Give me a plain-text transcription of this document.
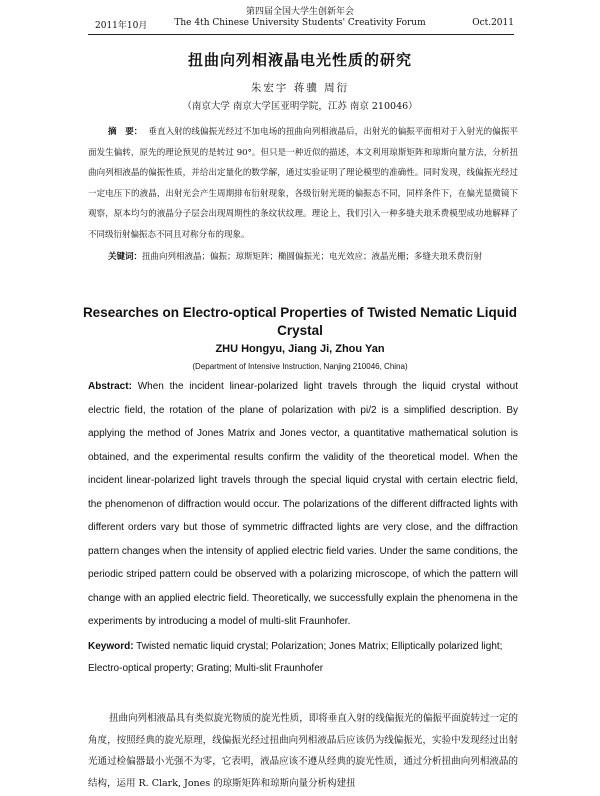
第四届全国大学生创新年会
2011年10月	The 4th Chinese University Students' Creativity Forum	Oct.2011
扭曲向列相液晶电光性质的研究
朱宏宇 蒋骥 周衍
（南京大学 南京大学匡亚明学院，江苏 南京 210046）
摘　要： 垂直入射的线偏振光经过不加电场的扭曲向列相液晶后，出射光的偏振平面相对于入射光的偏振平面发生偏转，原先的理论预见的是转过 90°。但只是一种近似的描述，本文利用琼斯矩阵和琼斯向量方法，分析扭曲向列相液晶的偏振性质，并给出定量化的数学解，通过实验证明了理论模型的准确性。同时发现，线偏振光经过一定电压下的液晶，出射光会产生周期排布衍射现象，各级衍射光斑的偏振态不同，同样条件下，在偏光显微镜下观察，原本均匀的液晶分子层会出现周期性的条纹状纹理。理论上，我们引入一种多缝夫琅禾费模型成功地解释了不同级衍射偏振态不同且对称分布的现象。
关键词：扭曲向列相液晶；偏振；琼斯矩阵；椭圆偏振光；电光效应；液晶光栅；多缝夫琅禾费衍射
Researches on Electro-optical Properties of Twisted Nematic Liquid Crystal
ZHU Hongyu, Jiang Ji, Zhou Yan
(Department of Intensive Instruction, Nanjing 210046, China)
Abstract: When the incident linear-polarized light travels through the liquid crystal without electric field, the rotation of the plane of polarization with pi/2 is a simplified description. By applying the method of Jones Matrix and Jones vector, a quantitative mathematical solution is obtained, and the experimental results confirm the validity of the theoretical model. When the incident linear-polarized light travels through the special liquid crystal with certain electric field, the phenomenon of diffraction would occur. The polarizations of the different diffracted lights with different orders vary but those of symmetric diffracted lights are very close, and the diffraction pattern changes when the intensity of applied electric field varies. Under the same conditions, the periodic striped pattern could be observed with a polarizing microscope, of which the pattern will change with an applied electric field. Theoretically, we successfully explain the phenomena in the experiments by introducing a model of multi-slit Fraunhofer.
Keyword: Twisted nematic liquid crystal; Polarization; Jones Matrix; Elliptically polarized light; Electro-optical property; Grating; Multi-slit Fraunhofer
扭曲向列相液晶具有类似旋光物质的旋光性质，即将垂直入射的线偏振光的偏振平面旋转过一定的角度，按照经典的旋光原理，线偏振光经过扭曲向列相液晶后应该仍为线偏振光，实验中发现经过出射光通过检偏器最小光强不为零，它表明，液晶应该不遵从经典的旋光性质，通过分析扭曲向列相液晶的结构，运用 R. Clark, Jones 的琼斯矩阵和琼斯向量分析构建扭
